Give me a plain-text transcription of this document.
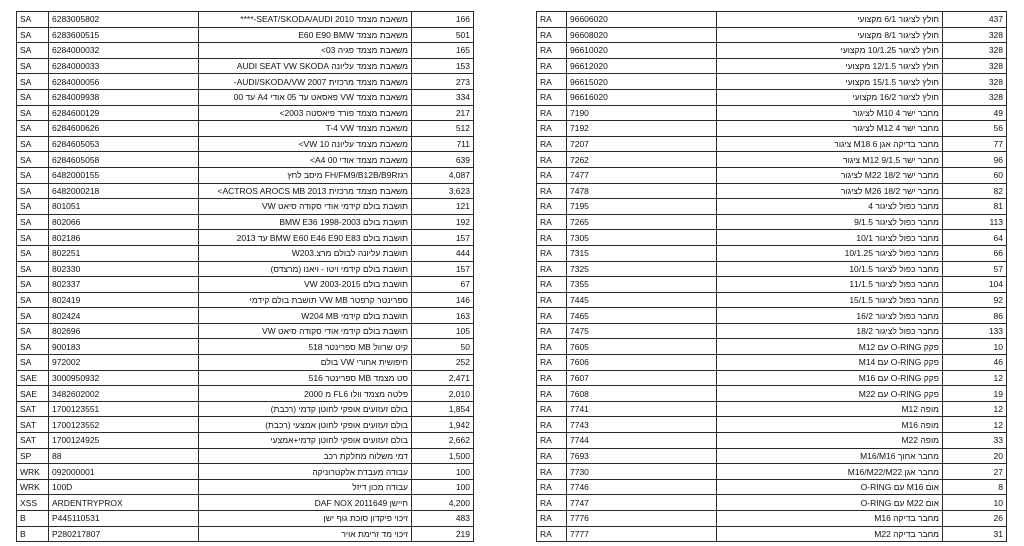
SA	6283005802	משאבת מצמד SEAT/SKODA/AUDI 2010-****	166
SA	6283600515	משאבת מצמד E60 E90 BMW	501
SA	6284000032	משאבת מצמד פגיה 03>	165
SA	6284000033	משאבת מצמד עליונה AUDI SEAT VW SKODA	153
SA	6284000056	משאבת מצמד מרכזית AUDI/SKODA/VW 2007-	273
SA	6284009938	משאבת מצמד VW פאסאט עד 05 אודי A4 עד 00	334
SA	6284600129	משאבת מצמד פורד פיאסטה 2003>	217
SA	6284600626	משאבת מצמד T-4 VW	512
SA	6284605053	משאבת מצמד עליונה VW 10>	711
SA	6284605058	משאבת מצמד אודי A4 00>	639
SA	6482000155	רגזFH/FM9/B12B/B9R מיסב לחץ	4,087
SA	6482000218	משאבת מצמד מרכזית ACTROS AROCS MB 2013>	3,623
SA	801051	תושבת בולם קידמי אודי סקודה סיאט VW	121
SA	802066	תושבת בולם BMW E36 1998-2003	192
SA	802186	תושבת בולם BMW E60 E46 E90 E83 עד 2013	157
SA	802251	תושבת עליונה לבולם מרצ.W203	444
SA	802330	תושבת בולם קידמי ויטו - ויאנו (מרצדס)	157
SA	802337	תושבת בולם VW 2003-2015	67
SA	802419	ספרינטר קרפטר VW MB תושבת בולם קידמי	146
SA	802424	תושבת בולם קידמי W204 MB	163
SA	802696	תושבת בולם קידמי אודי סקודה סיאט VW	105
SA	900183	קיט שרוול MB ספרינטר 518	50
SA	972002	חיפושית אחורי VW בולם	252
SAE	3000950932	סט מצמד MB ספרינטר 516	2,471
SAE	3482602002	פלטה מצמד וולו FL6 מ 2000	2,010
SAT	1700123551	בולם זעזועים אופקי לחוטן קדמי (רכבת)	1,854
SAT	1700123552	בולם זעזועים אופקי לחוטן אמצעי (רכבת)	1,942
SAT	1700124925	בולם זעזועים אופקי לחוטן קדמי+אמצעי	2,662
SP	88	דמי משלוח מחלקת רכב	1,500
WRK	092000001	עבודה מעבדת אלקטרוניקה	100
WRK	100D	עבודה מכון דיזל	100
XSS	ARDENTRYPROX	חיישן DAF NOX 2011649	4,200
B	P445110531	זיכוי פיקדון סוכת גוף ישן	483
B	P280217807	זיכוי מד זרימת אויר	219
RA	96606020	חולץ לציגור 6/1 מקצועי	437
RA	96608020	חולץ לציגור 8/1 מקצועי	328
RA	96610020	חולץ לציגור 10/1.25 מקצועי	328
RA	96612020	חולץ לציגור 12/1.5 מקצועי	328
RA	96615020	חולץ לציגור 15/1.5 מקצועי	328
RA	96616020	חולץ לציגור 16/2 מקצועי	328
RA	7190	מחבר ישר 4 M10 לציגור	49
RA	7192	מחבר ישר 4 M12 לציגור	56
RA	7207	מחבר בדיקה אגן 6 M18 ציגור	77
RA	7262	מחבר ישר 9/1.5 M12 ציגור	96
RA	7477	מחבר ישר 18/2 M22 לציגור	60
RA	7478	מחבר ישר 18/2 M26 לציגור	82
RA	7195	מחבר כפול לציגור 4	81
RA	7265	מחבר כפול לציגור 9/1.5	113
RA	7305	מחבר כפול לציגור 10/1	64
RA	7315	מחבר כפול לציגור 10/1.25	66
RA	7325	מחבר כפול לציגור 10/1.5	57
RA	7355	מחבר כפול לציגור 11/1.5	104
RA	7445	מחבר כפול לציגור 15/1.5	92
RA	7465	מחבר כפול לציגור 16/2	86
RA	7475	מחבר כפול לציגור 18/2	133
RA	7605	פקק O-RING עם M12	10
RA	7606	פקק O-RING עם M14	46
RA	7607	פקק O-RING עם M16	12
RA	7608	פקק O-RING עם M22	19
RA	7741	מופה M12	12
RA	7743	מופה M16	12
RA	7744	מופה M22	33
RA	7693	מחבר אחוך M16/M16	20
RA	7730	מחבר אגן M16/M22/M22	27
RA	7746	אום M16 עם O-RING	8
RA	7747	אום M22 עם O-RING	10
RA	7776	מחבר בדיקה M16	26
RA	7777	מחבר בדיקה M22	31
